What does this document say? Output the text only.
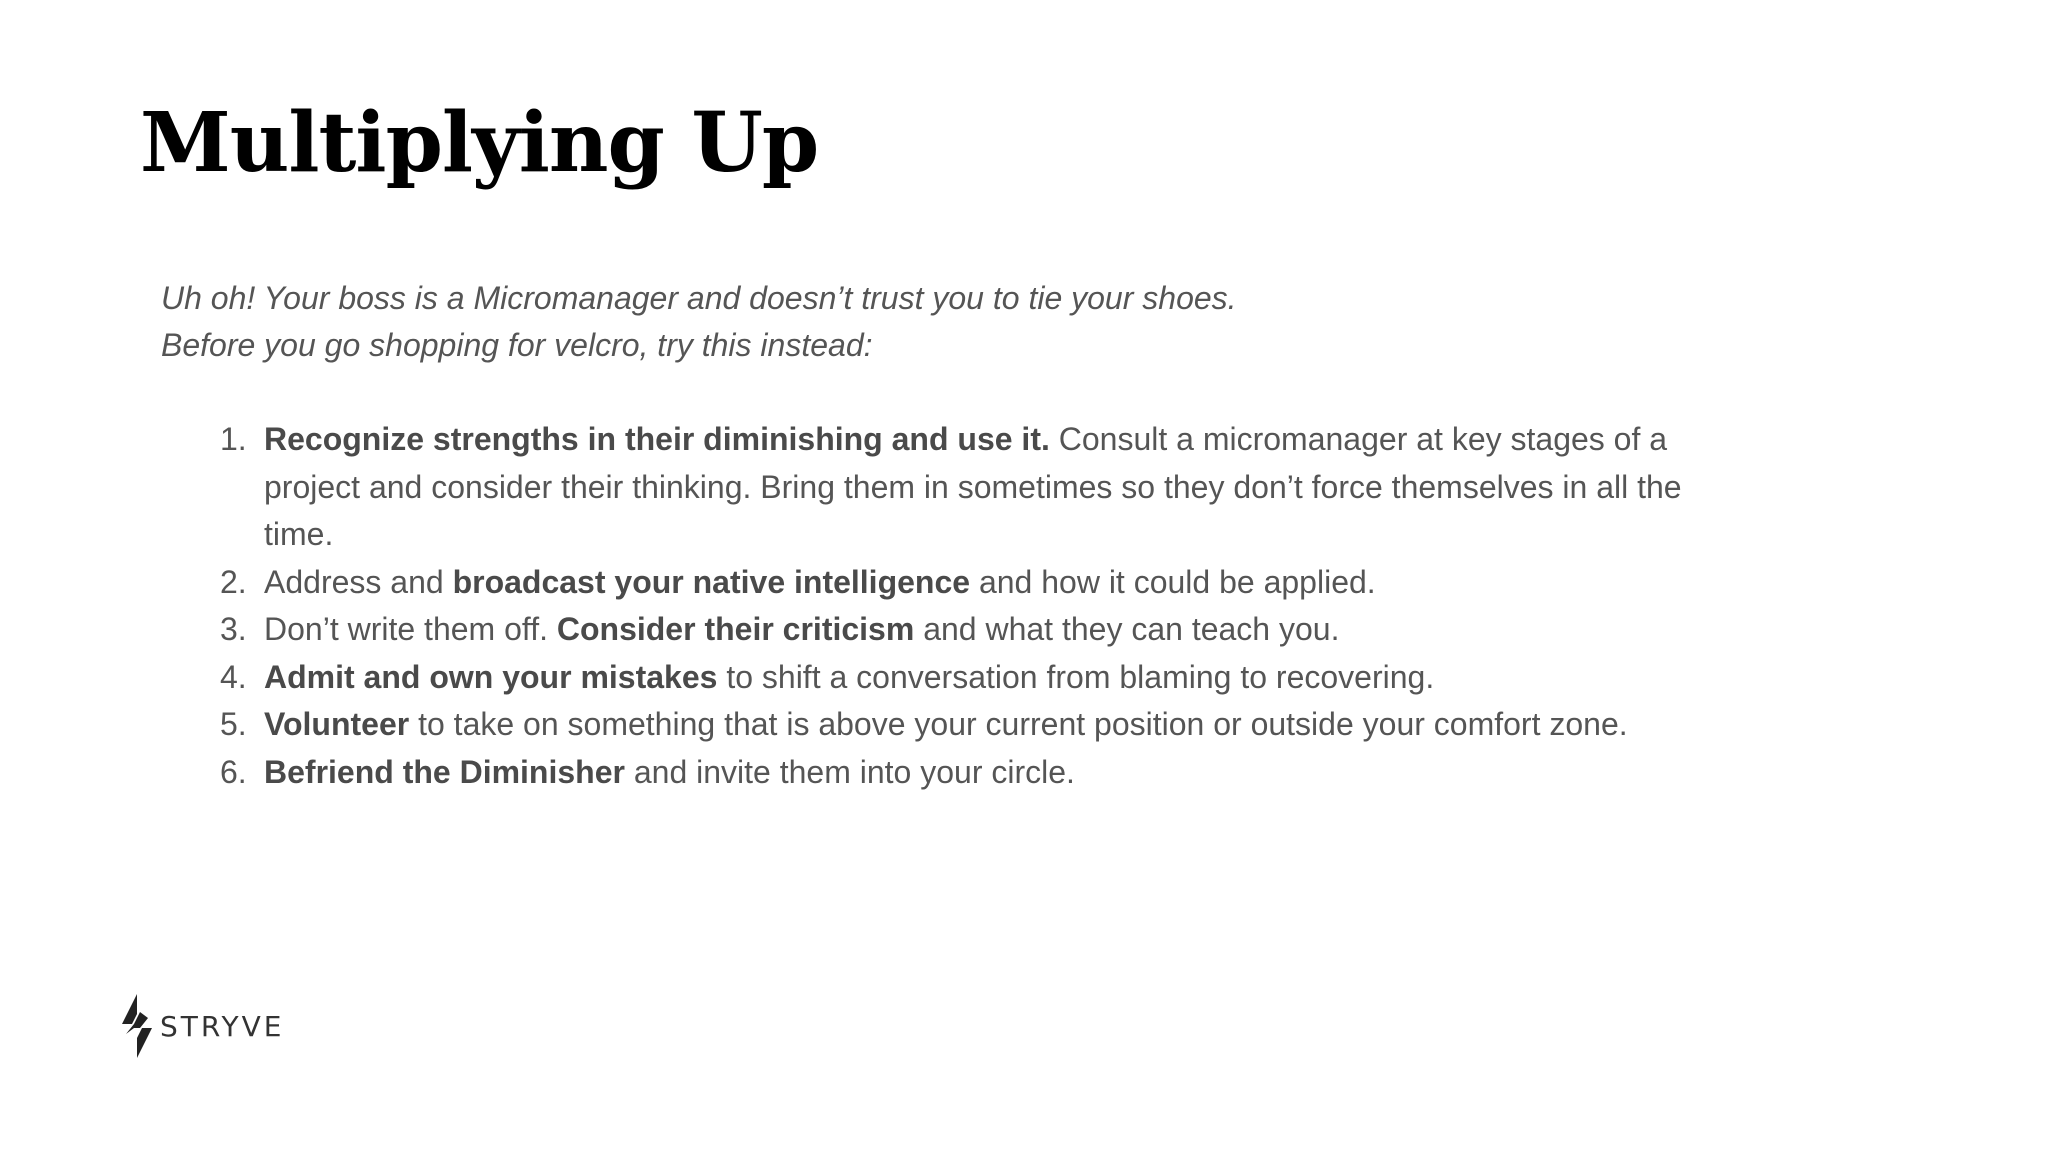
Multiplying Up
Uh oh! Your boss is a Micromanager and doesn’t trust you to tie your shoes.
Before you go shopping for velcro, try this instead:
1. Recognize strengths in their diminishing and use it. Consult a micromanager at key stages of a project and consider their thinking. Bring them in sometimes so they don’t force themselves in all the time.
2. Address and broadcast your native intelligence and how it could be applied.
3. Don’t write them off. Consider their criticism and what they can teach you.
4. Admit and own your mistakes to shift a conversation from blaming to recovering.
5. Volunteer to take on something that is above your current position or outside your comfort zone.
6. Befriend the Diminisher and invite them into your circle.
STRYVE
